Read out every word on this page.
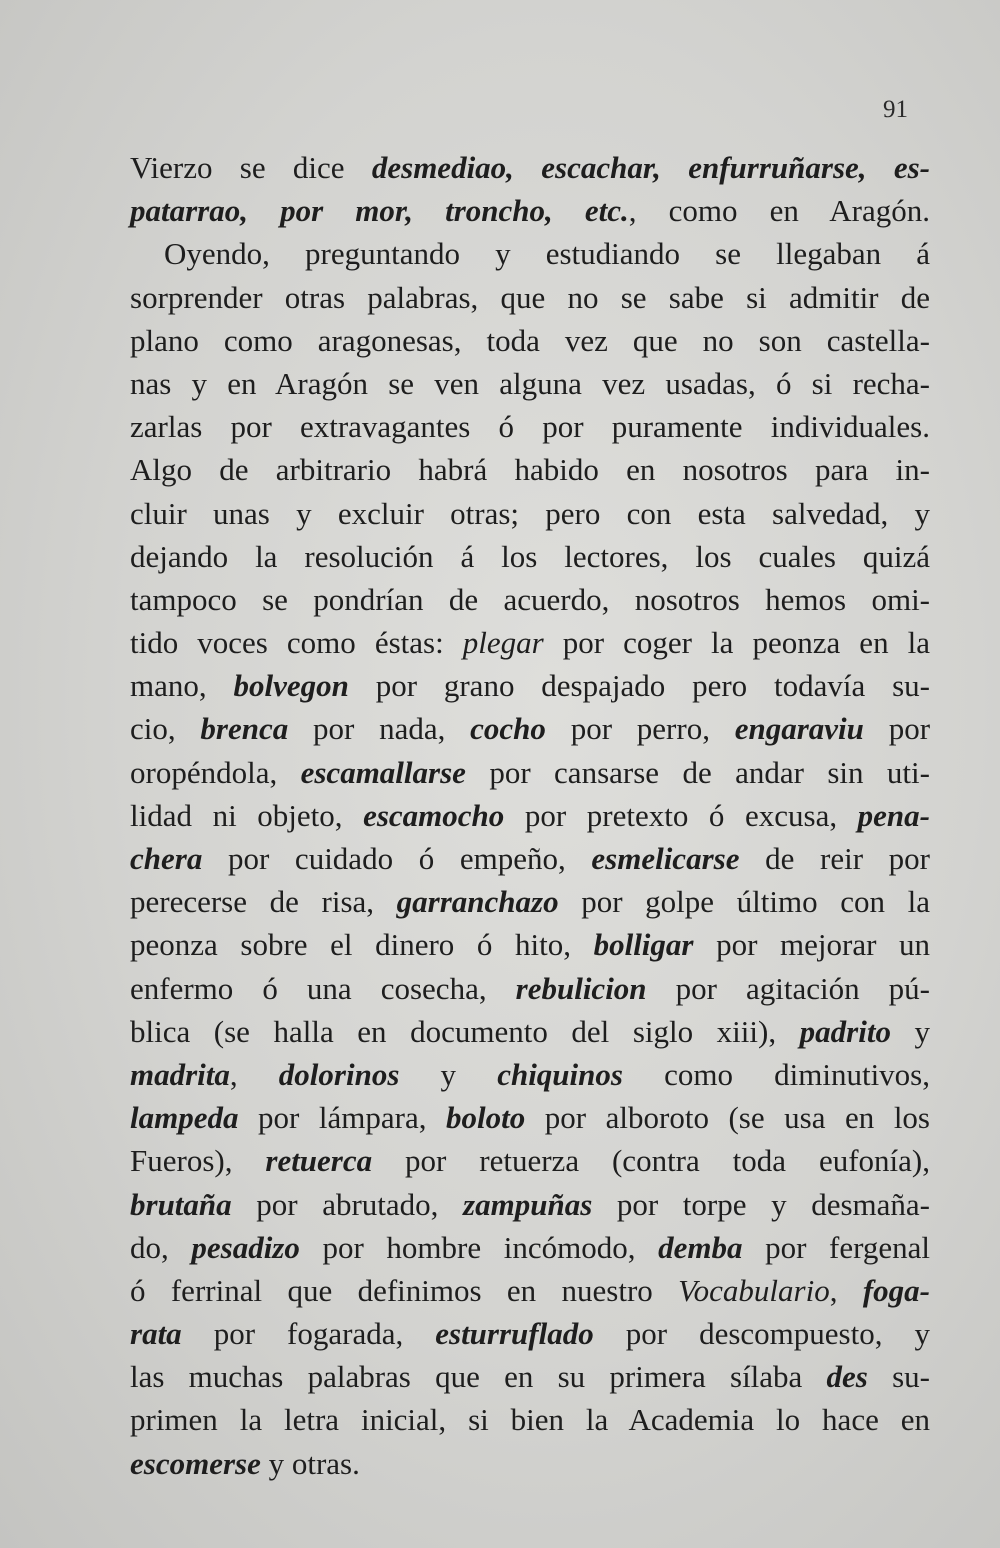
91
Vierzo se dice desmediao, escachar, enfurruñarse, es-
patarrao, por mor, troncho, etc., como en Aragón.
Oyendo, preguntando y estudiando se llegaban á
sorprender otras palabras, que no se sabe si admitir de
plano como aragonesas, toda vez que no son castella-
nas y en Aragón se ven alguna vez usadas, ó si recha-
zarlas por extravagantes ó por puramente individuales.
Algo de arbitrario habrá habido en nosotros para in-
cluir unas y excluir otras; pero con esta salvedad, y
dejando la resolución á los lectores, los cuales quizá
tampoco se pondrían de acuerdo, nosotros hemos omi-
tido voces como éstas: plegar por coger la peonza en la
mano, bolvegon por grano despajado pero todavía su-
cio, brenca por nada, cocho por perro, engaraviu por
oropéndola, escamallarse por cansarse de andar sin uti-
lidad ni objeto, escamocho por pretexto ó excusa, pena-
chera por cuidado ó empeño, esmelicarse de reir por
perecerse de risa, garranchazo por golpe último con la
peonza sobre el dinero ó hito, bolligar por mejorar un
enfermo ó una cosecha, rebulicion por agitación pú-
blica (se halla en documento del siglo xiii), padrito y
madrita, dolorinos y chiquinos como diminutivos,
lampeda por lámpara, boloto por alboroto (se usa en los
Fueros), retuerca por retuerza (contra toda eufonía),
brutaña por abrutado, zampuñas por torpe y desmaña-
do, pesadizo por hombre incómodo, demba por fergenal
ó ferrinal que definimos en nuestro Vocabulario, foga-
rata por fogarada, esturruflado por descompuesto, y
las muchas palabras que en su primera sílaba des su-
primen la letra inicial, si bien la Academia lo hace en
escomerse y otras.
